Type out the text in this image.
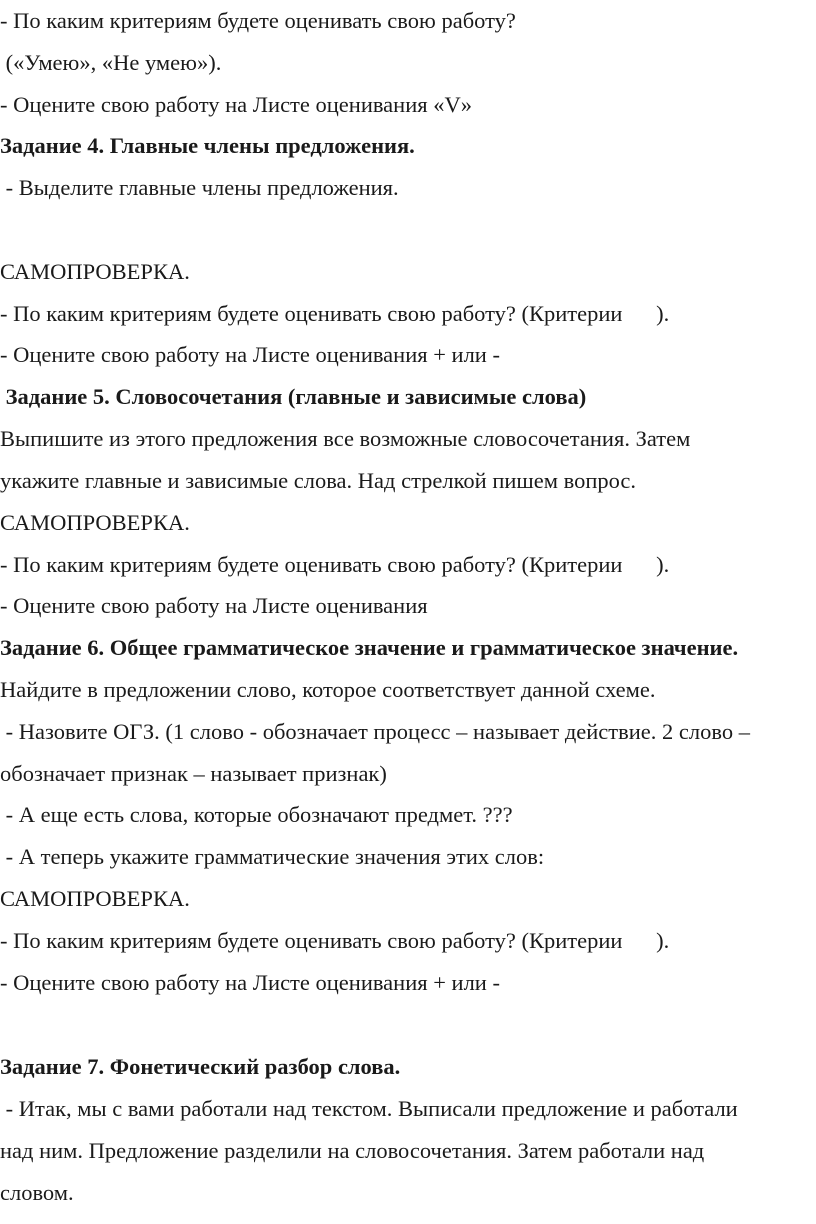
- По каким критериям будете оценивать свою работу?

(«Умею», «Не умею»).

- Оцените свою работу на Листе оценивания «V»

Задание 4. Главные члены предложения.

- Выделите главные члены предложения.

САМОПРОВЕРКА.

- По каким критериям будете оценивать свою работу? (Критерии      ).

- Оцените свою работу на Листе оценивания + или -

Задание 5. Словосочетания (главные и зависимые слова)

Выпишите из этого предложения все возможные словосочетания. Затем

укажите главные и зависимые слова. Над стрелкой пишем вопрос.

САМОПРОВЕРКА.

- По каким критериям будете оценивать свою работу? (Критерии      ).

- Оцените свою работу на Листе оценивания

Задание 6. Общее грамматическое значение и грамматическое значение.

Найдите в предложении слово, которое соответствует данной схеме.

- Назовите ОГЗ. (1 слово - обозначает процесс – называет действие. 2 слово –

обозначает признак – называет признак)

- А еще есть слова, которые обозначают предмет. ???

- А теперь укажите грамматические значения этих слов:

САМОПРОВЕРКА.

- По каким критериям будете оценивать свою работу? (Критерии      ).

- Оцените свою работу на Листе оценивания + или -

Задание 7. Фонетический разбор слова.

- Итак, мы с вами работали над текстом. Выписали предложение и работали

над ним. Предложение разделили на словосочетания. Затем работали над

словом.
